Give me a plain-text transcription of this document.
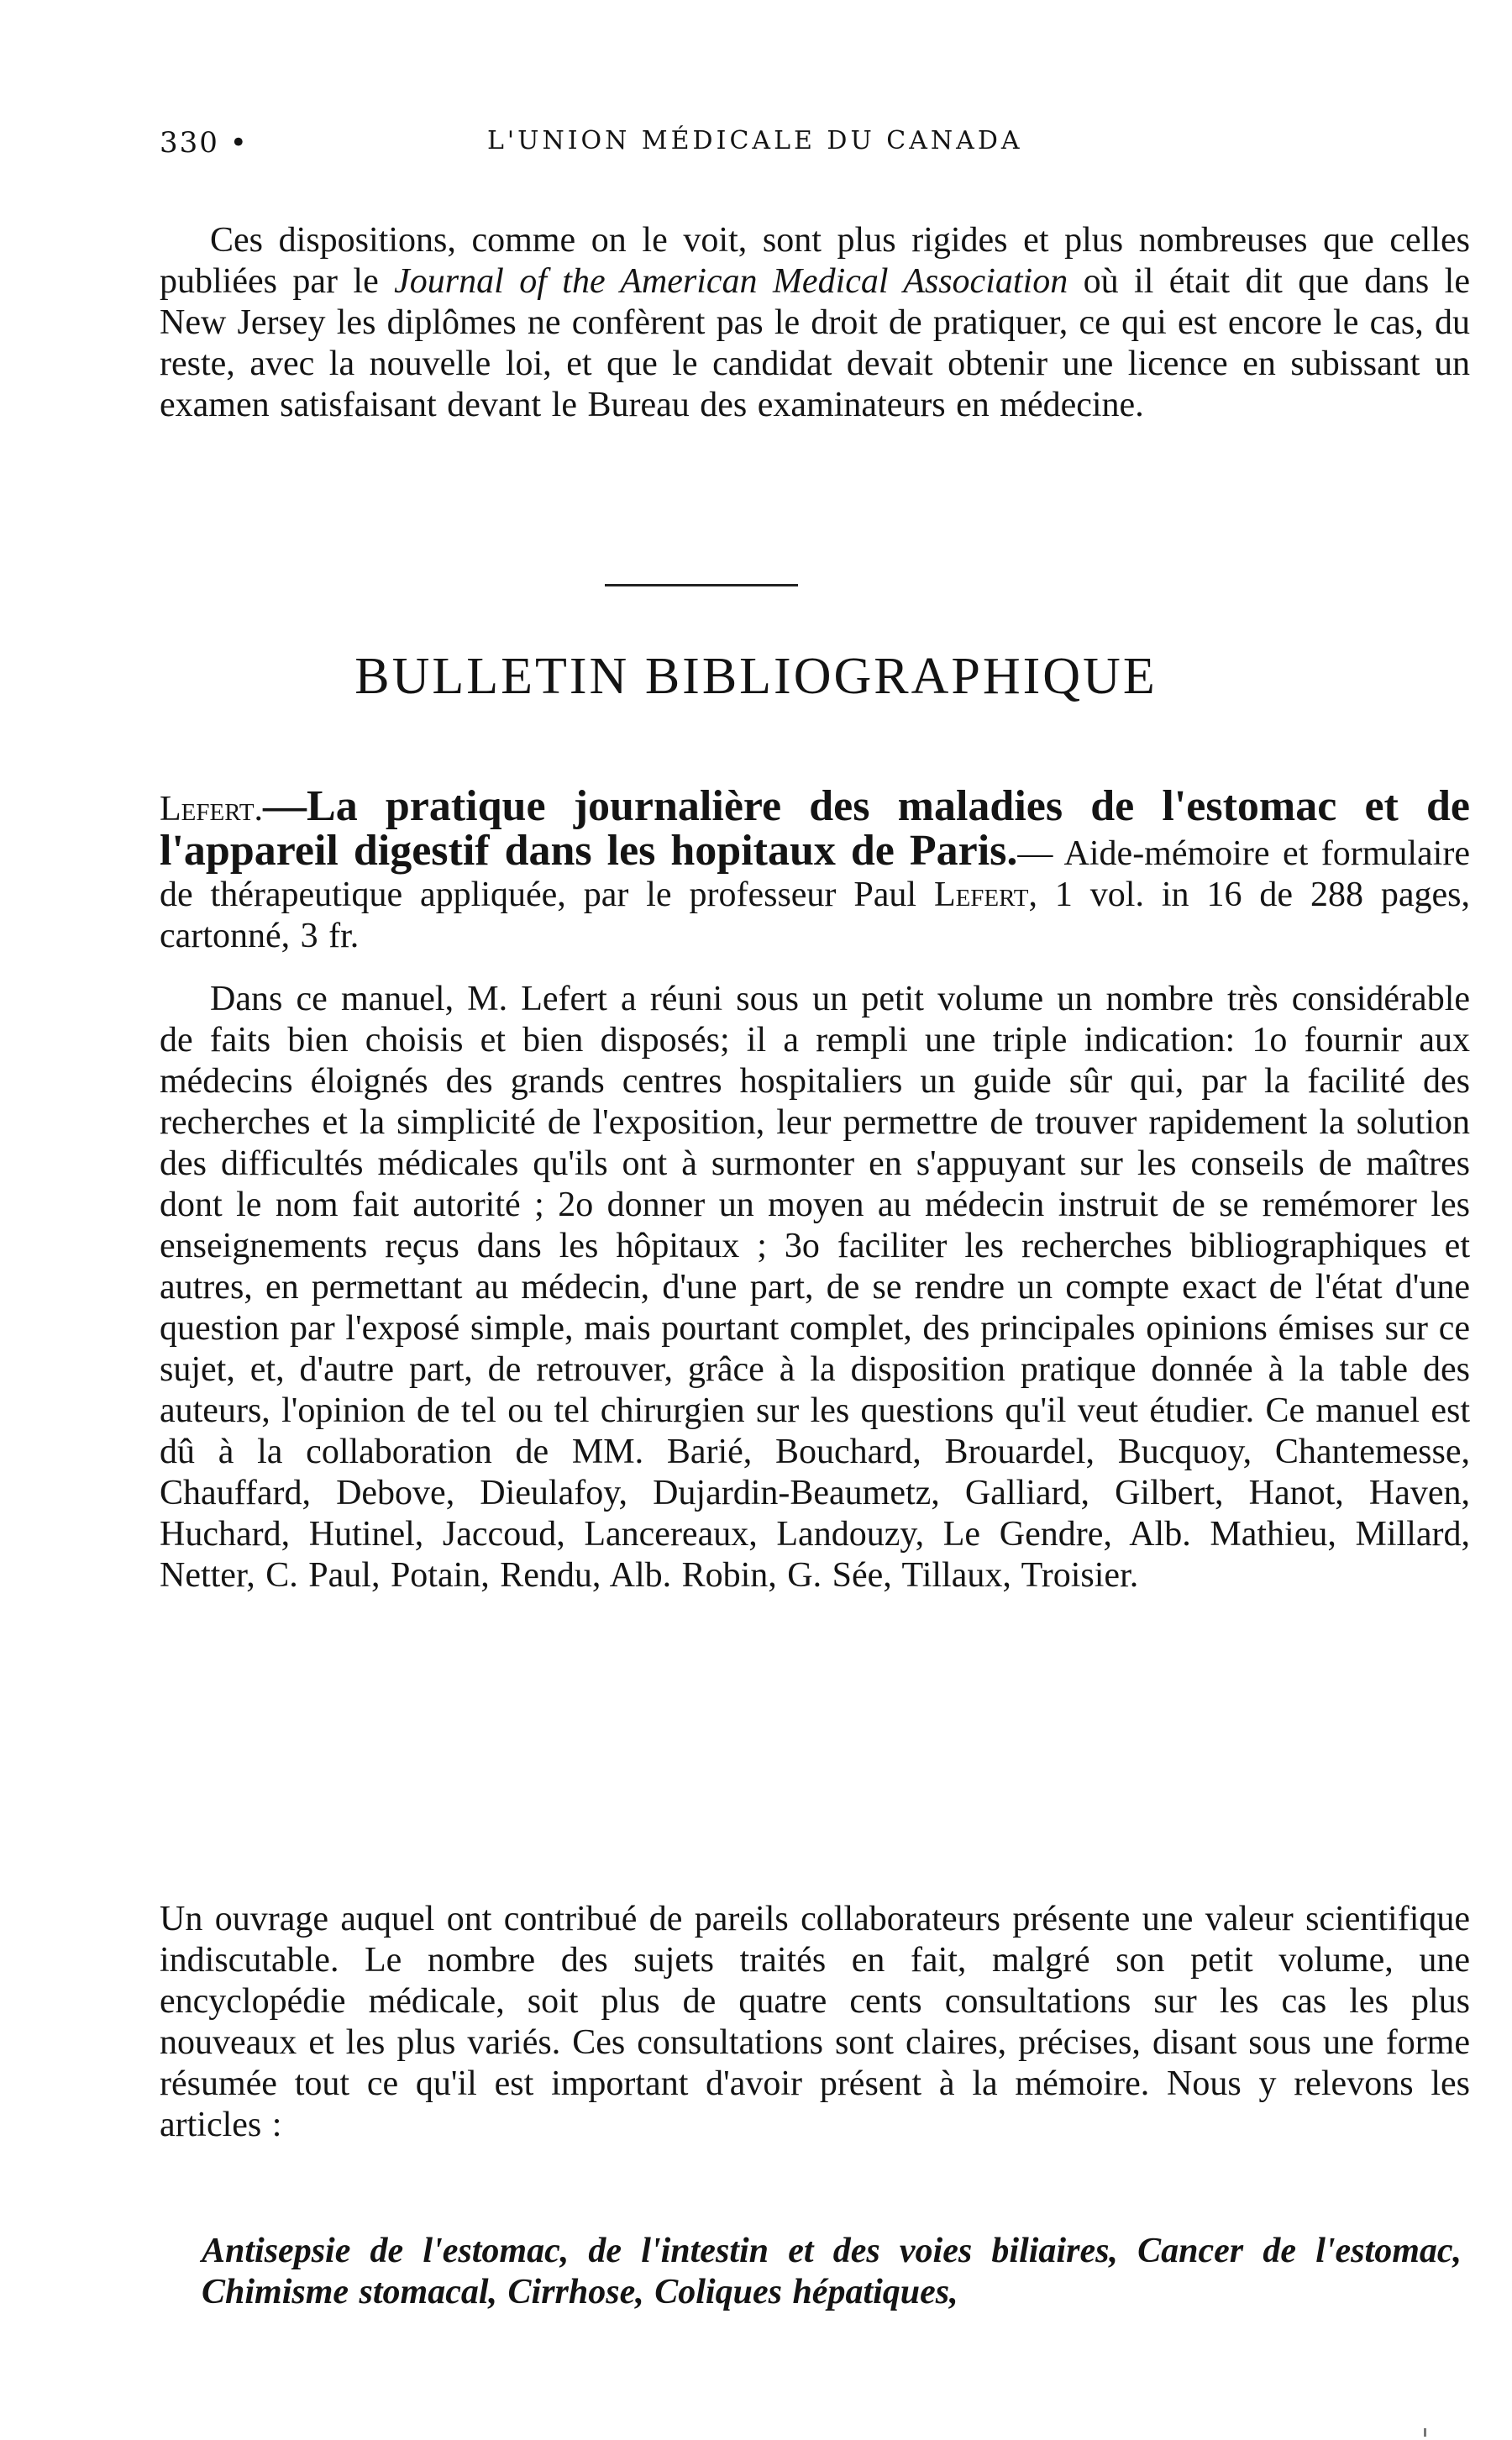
330 •	L'UNION MÉDICALE DU CANADA
Ces dispositions, comme on le voit, sont plus rigides et plus nombreuses que celles publiées par le Journal of the American Medical Association où il était dit que dans le New Jersey les diplômes ne confèrent pas le droit de pratiquer, ce qui est encore le cas, du reste, avec la nouvelle loi, et que le candidat devait obtenir une licence en subissant un examen satisfaisant devant le Bureau des examinateurs en médecine.
BULLETIN BIBLIOGRAPHIQUE
Lefert.—La pratique journalière des maladies de l'estomac et de l'appareil digestif dans les hopitaux de Paris.— Aide-mémoire et formulaire de thérapeutique appliquée, par le professeur Paul Lefert, 1 vol. in 16 de 288 pages, cartonné, 3 fr.
Dans ce manuel, M. Lefert a réuni sous un petit volume un nombre très considérable de faits bien choisis et bien disposés; il a rempli une triple indication: 1o fournir aux médecins éloignés des grands centres hospitaliers un guide sûr qui, par la facilité des recherches et la simplicité de l'exposition, leur permettre de trouver rapidement la solution des difficultés médicales qu'ils ont à surmonter en s'appuyant sur les conseils de maîtres dont le nom fait autorité ; 2o donner un moyen au médecin instruit de se remémorer les enseignements reçus dans les hôpitaux ; 3o faciliter les recherches bibliographiques et autres, en permettant au médecin, d'une part, de se rendre un compte exact de l'état d'une question par l'exposé simple, mais pourtant complet, des principales opinions émises sur ce sujet, et, d'autre part, de retrouver, grâce à la disposition pratique donnée à la table des auteurs, l'opinion de tel ou tel chirurgien sur les questions qu'il veut étudier. Ce manuel est dû à la collaboration de MM. Barié, Bouchard, Brouardel, Bucquoy, Chantemesse, Chauffard, Debove, Dieulafoy, Dujardin-Beaumetz, Galliard, Gilbert, Hanot, Haven, Huchard, Hutinel, Jaccoud, Lancereaux, Landouzy, Le Gendre, Alb. Mathieu, Millard, Netter, C. Paul, Potain, Rendu, Alb. Robin, G. Sée, Tillaux, Troisier.
Un ouvrage auquel ont contribué de pareils collaborateurs présente une valeur scientifique indiscutable. Le nombre des sujets traités en fait, malgré son petit volume, une encyclopédie médicale, soit plus de quatre cents consultations sur les cas les plus nouveaux et les plus variés. Ces consultations sont claires, précises, disant sous une forme résumée tout ce qu'il est important d'avoir présent à la mémoire. Nous y relevons les articles :
Antisepsie de l'estomac, de l'intestin et des voies biliaires, Cancer de l'estomac, Chimisme stomacal, Cirrhose, Coliques hépatiques,
